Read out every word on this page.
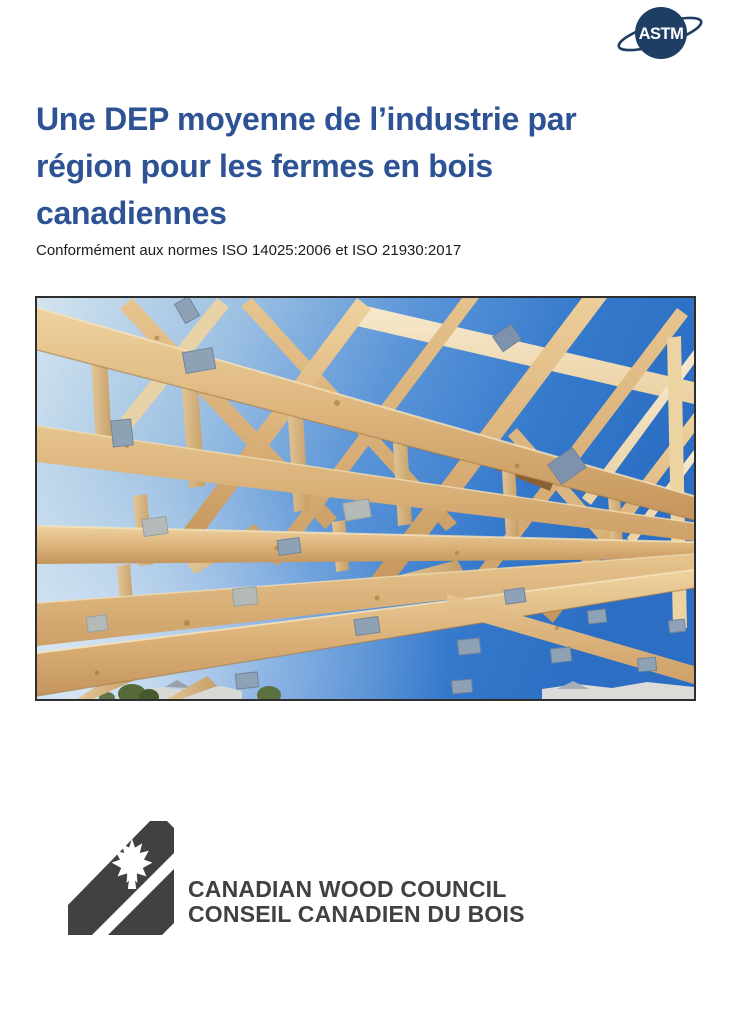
ASTM
Une DEP moyenne de l’industrie par
région pour les fermes en bois
canadiennes

Conformément aux normes ISO 14025:2006 et ISO 21930:2017

CANADIAN WOOD COUNCIL
CONSEIL CANADIEN DU BOIS
